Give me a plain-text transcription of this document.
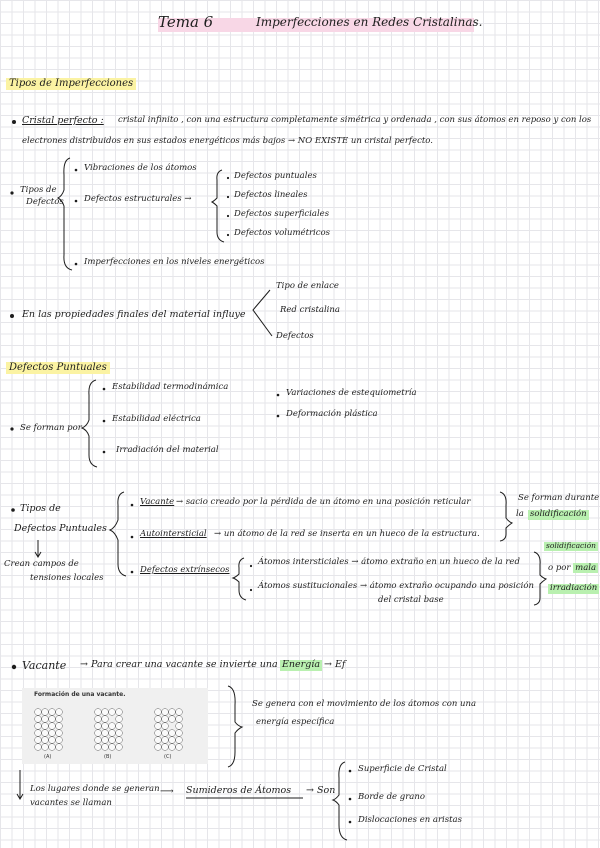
Tema 6	Imperfecciones en Redes Cristalinas.
Tipos de Imperfecciones
Cristal perfecto : cristal infinito , con una estructura completamente simétrica y ordenada , con sus átomos en reposo y con los
electrones distribuidos en sus estados energéticos más bajos → NO EXISTE un cristal perfecto.
Tipos de
Defectos
Vibraciones de los átomos
Defectos estructurales →
Defectos puntuales
Defectos lineales
Defectos superficiales
Defectos volumétricos
Imperfecciones en los niveles energéticos
En las propiedades finales del material influye
Tipo de enlace
Red cristalina
Defectos
Defectos Puntuales
Se forman por
Estabilidad termodinámica
Estabilidad eléctrica
Irradiación del material
Variaciones de estequiometría
Deformación plástica
Tipos de
Defectos Puntuales
Crean campos de
tensiones locales
Vacante → sacio creado por la pérdida de un átomo en una posición reticular
Autointersticial → un átomo de la red se inserta en un hueco de la estructura.
Defectos extrínsecos
Átomos intersticiales → átomo extraño en un hueco de la red
Átomos sustitucionales → átomo extraño ocupando una posición
del cristal base
Se forman durante
la solidificación
solidificación
o por mala
irradiación
Vacante → Para crear una vacante se invierte una Energía → Ef
Formación de una vacante.
(A)	(B)	(C)
Se genera con el movimiento de los átomos con una
energía específica
Los lugares donde se generan
vacantes se llaman
⟶ Sumideros de Átomos → Son
Superficie de Cristal
Borde de grano
Dislocaciones en aristas
